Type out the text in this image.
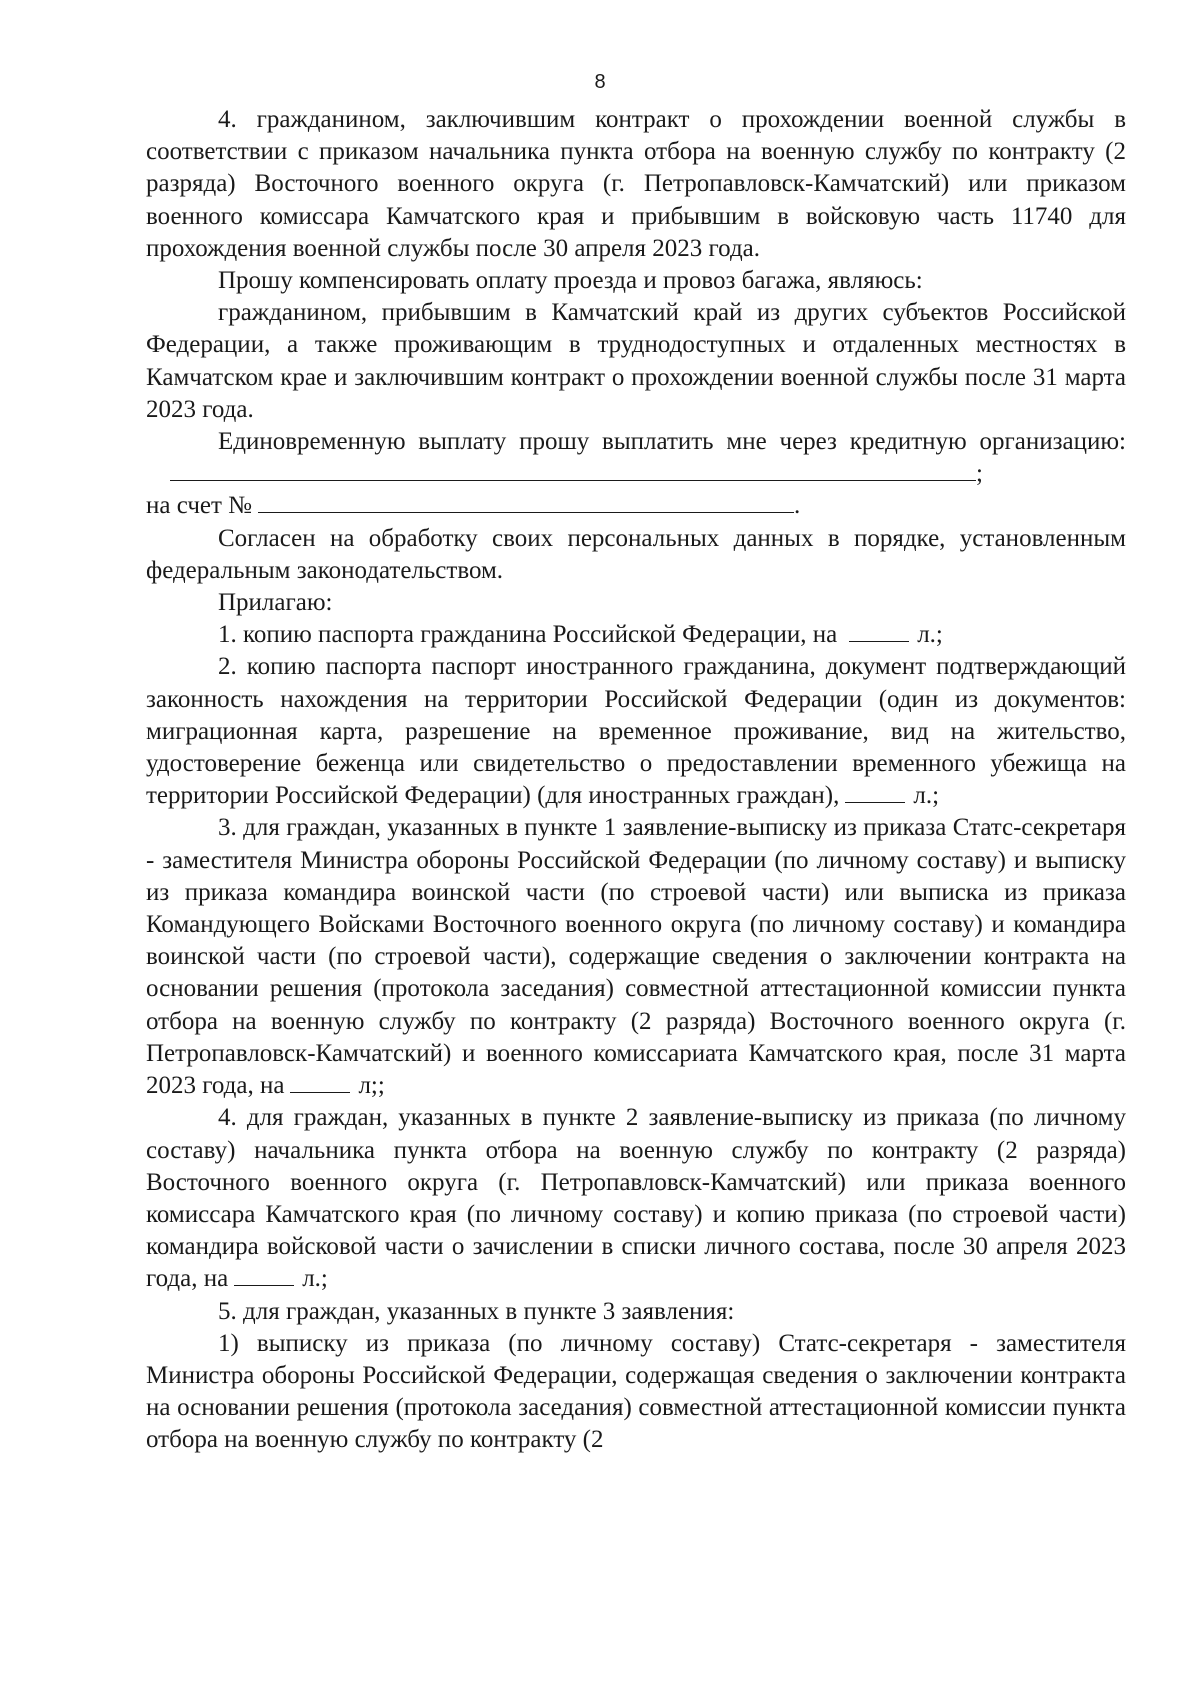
8

4. гражданином, заключившим контракт о прохождении военной службы в соответствии с приказом начальника пункта отбора на военную службу по контракту (2 разряда) Восточного военного округа (г. Петропавловск-Камчатский) или приказом военного комиссара Камчатского края и прибывшим в войсковую часть 11740 для прохождения военной службы после 30 апреля 2023 года.

Прошу компенсировать оплату проезда и провоз багажа, являюсь:

гражданином, прибывшим в Камчатский край из других субъектов Российской Федерации, а также проживающим в труднодоступных и отдаленных местностях в Камчатском крае и заключившим контракт о прохождении военной службы после 31 марта 2023 года.

Единовременную выплату прошу выплатить мне через кредитную организацию:;

на счет №	.

Согласен на обработку своих персональных данных в порядке, установленным федеральным законодательством.

Прилагаю:

1. копию паспорта гражданина Российской Федерации, на	л.;

2. копию паспорта паспорт иностранного гражданина, документ подтверждающий законность нахождения на территории Российской Федерации (один из документов: миграционная карта, разрешение на временное проживание, вид на жительство, удостоверение беженца или свидетельство о предоставлении временного убежища на территории Российской Федерации) (для иностранных граждан),	л.;

3. для граждан, указанных в пункте 1 заявление-выписку из приказа Статс-секретаря - заместителя Министра обороны Российской Федерации (по личному составу) и выписку из приказа командира воинской части (по строевой части) или выписка из приказа Командующего Войсками Восточного военного округа (по личному составу) и командира воинской части (по строевой части), содержащие сведения о заключении контракта на основании решения (протокола заседания) совместной аттестационной комиссии пункта отбора на военную службу по контракту (2 разряда) Восточного военного округа (г. Петропавловск-Камчатский) и военного комиссариата Камчатского края, после 31 марта 2023 года, на	л;;

4. для граждан, указанных в пункте 2 заявление-выписку из приказа (по личному составу) начальника пункта отбора на военную службу по контракту (2 разряда) Восточного военного округа (г. Петропавловск-Камчатский) или приказа военного комиссара Камчатского края (по личному составу) и копию приказа (по строевой части) командира войсковой части о зачислении в списки личного состава, после 30 апреля 2023 года, на	л.;

5. для граждан, указанных в пункте 3 заявления:

1) выписку из приказа (по личному составу) Статс-секретаря - заместителя Министра обороны Российской Федерации, содержащая сведения о заключении контракта на основании решения (протокола заседания) совместной аттестационной комиссии пункта отбора на военную службу по контракту (2
